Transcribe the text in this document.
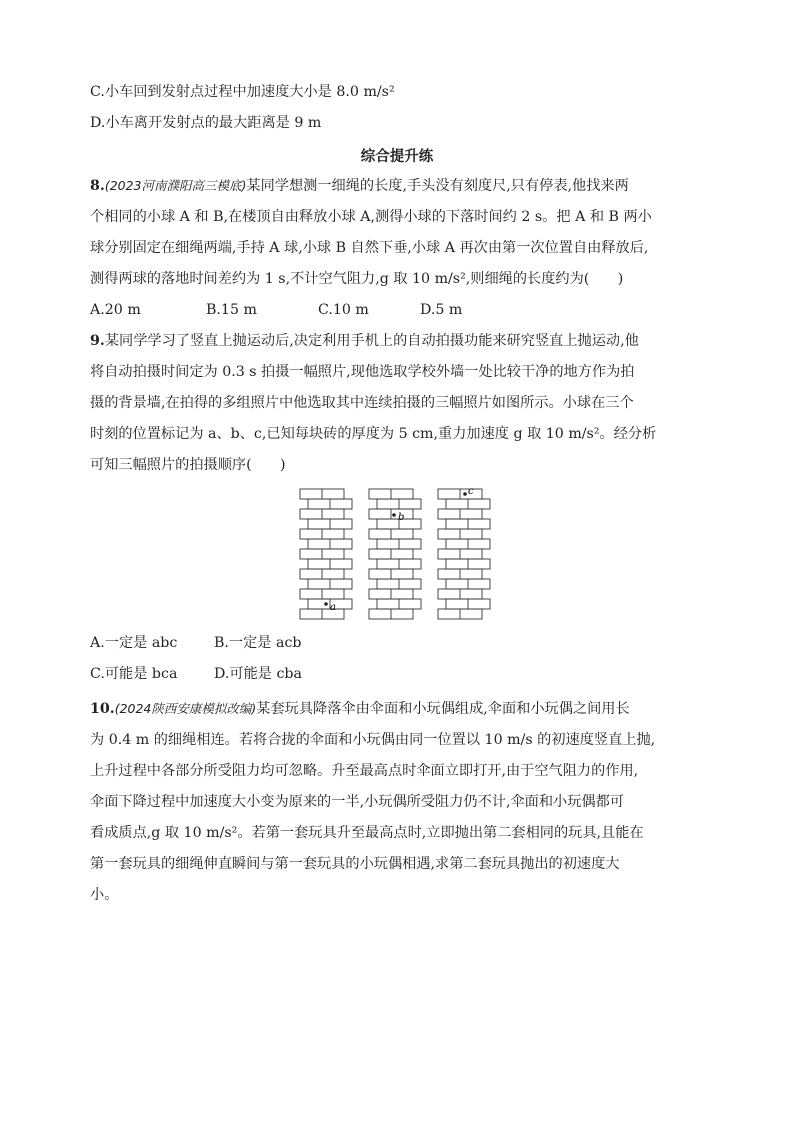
C.小车回到发射点过程中加速度大小是 8.0 m/s²
D.小车离开发射点的最大距离是 9 m
综合提升练
8.(2023河南濮阳高三模底)某同学想测一细绳的长度,手头没有刻度尺,只有停表,他找来两
个相同的小球 A 和 B,在楼顶自由释放小球 A,测得小球的下落时间约 2 s。把 A 和 B 两小
球分别固定在细绳两端,手持 A 球,小球 B 自然下垂,小球 A 再次由第一次位置自由释放后,
测得两球的落地时间差约为 1 s,不计空气阻力,g 取 10 m/s²,则细绳的长度约为(　　)
A.20 m	B.15 m	C.10 m	D.5 m
9.某同学学习了竖直上抛运动后,决定利用手机上的自动拍摄功能来研究竖直上抛运动,他
将自动拍摄时间定为 0.3 s 拍摄一幅照片,现他选取学校外墙一处比较干净的地方作为拍
摄的背景墙,在拍得的多组照片中他选取其中连续拍摄的三幅照片如图所示。小球在三个
时刻的位置标记为 a、b、c,已知每块砖的厚度为 5 cm,重力加速度 g 取 10 m/s²。经分析
可知三幅照片的拍摄顺序(　　)
a
b
c
A.一定是 abc	B.一定是 acb
C.可能是 bca	D.可能是 cba
10.(2024陕西安康模拟改编)某套玩具降落伞由伞面和小玩偶组成,伞面和小玩偶之间用长
为 0.4 m 的细绳相连。若将合拢的伞面和小玩偶由同一位置以 10 m/s 的初速度竖直上抛,
上升过程中各部分所受阻力均可忽略。升至最高点时伞面立即打开,由于空气阻力的作用,
伞面下降过程中加速度大小变为原来的一半,小玩偶所受阻力仍不计,伞面和小玩偶都可
看成质点,g 取 10 m/s²。若第一套玩具升至最高点时,立即抛出第二套相同的玩具,且能在
第一套玩具的细绳伸直瞬间与第一套玩具的小玩偶相遇,求第二套玩具抛出的初速度大
小。
